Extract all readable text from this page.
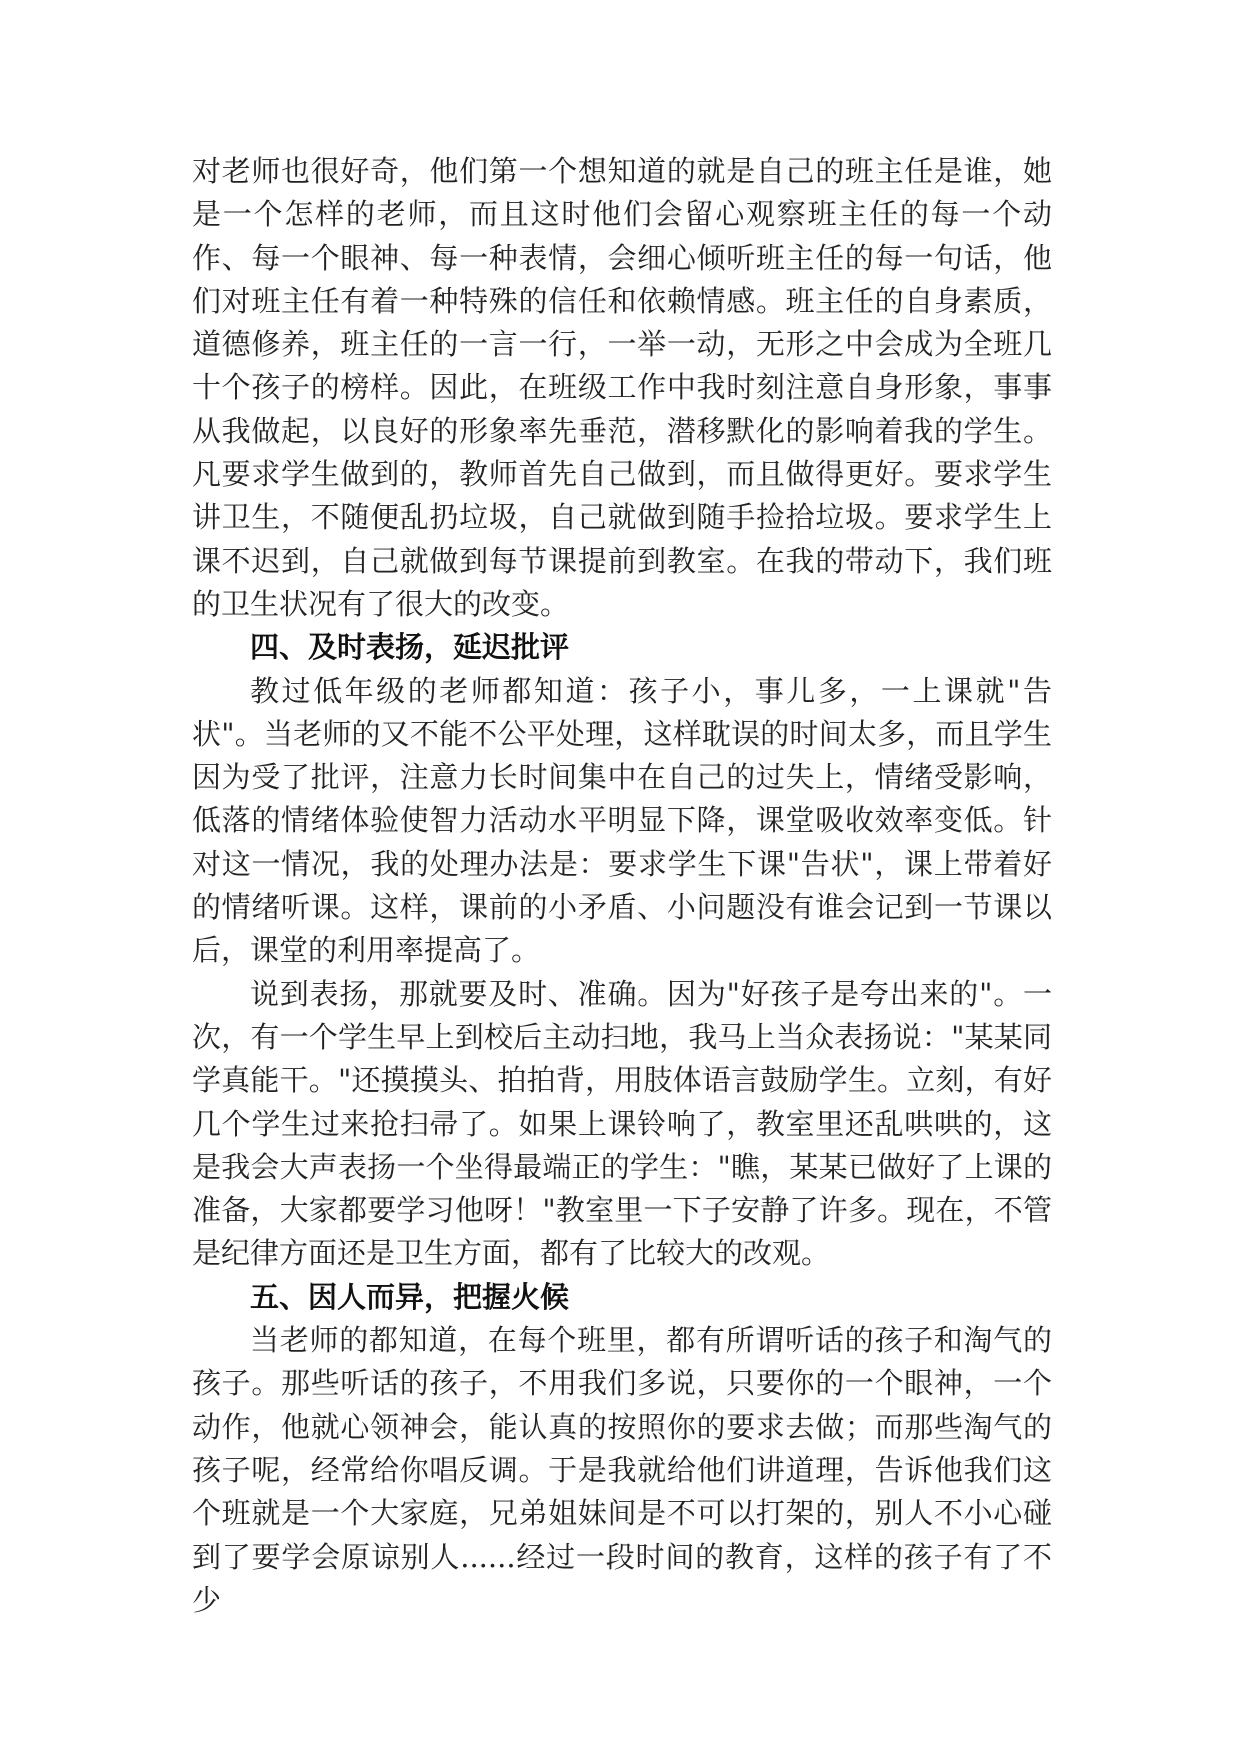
对老师也很好奇，他们第一个想知道的就是自己的班主任是谁，她是一个怎样的老师，而且这时他们会留心观察班主任的每一个动作、每一个眼神、每一种表情，会细心倾听班主任的每一句话，他们对班主任有着一种特殊的信任和依赖情感。班主任的自身素质，道德修养，班主任的一言一行，一举一动，无形之中会成为全班几十个孩子的榜样。因此，在班级工作中我时刻注意自身形象，事事从我做起，以良好的形象率先垂范，潜移默化的影响着我的学生。凡要求学生做到的，教师首先自己做到，而且做得更好。要求学生讲卫生，不随便乱扔垃圾，自己就做到随手捡拾垃圾。要求学生上课不迟到，自己就做到每节课提前到教室。在我的带动下，我们班的卫生状况有了很大的改变。

四、及时表扬，延迟批评

教过低年级的老师都知道：孩子小，事儿多，一上课就"告状"。当老师的又不能不公平处理，这样耽误的时间太多，而且学生因为受了批评，注意力长时间集中在自己的过失上，情绪受影响，低落的情绪体验使智力活动水平明显下降，课堂吸收效率变低。针对这一情况，我的处理办法是：要求学生下课"告状"，课上带着好的情绪听课。这样，课前的小矛盾、小问题没有谁会记到一节课以后，课堂的利用率提高了。

说到表扬，那就要及时、准确。因为"好孩子是夸出来的"。一次，有一个学生早上到校后主动扫地，我马上当众表扬说："某某同学真能干。"还摸摸头、拍拍背，用肢体语言鼓励学生。立刻，有好几个学生过来抢扫帚了。如果上课铃响了，教室里还乱哄哄的，这是我会大声表扬一个坐得最端正的学生："瞧，某某已做好了上课的准备，大家都要学习他呀！"教室里一下子安静了许多。现在，不管是纪律方面还是卫生方面，都有了比较大的改观。

五、因人而异，把握火候

当老师的都知道，在每个班里，都有所谓听话的孩子和淘气的孩子。那些听话的孩子，不用我们多说，只要你的一个眼神，一个动作，他就心领神会，能认真的按照你的要求去做；而那些淘气的孩子呢，经常给你唱反调。于是我就给他们讲道理，告诉他我们这个班就是一个大家庭，兄弟姐妹间是不可以打架的，别人不小心碰到了要学会原谅别人......经过一段时间的教育，这样的孩子有了不少
